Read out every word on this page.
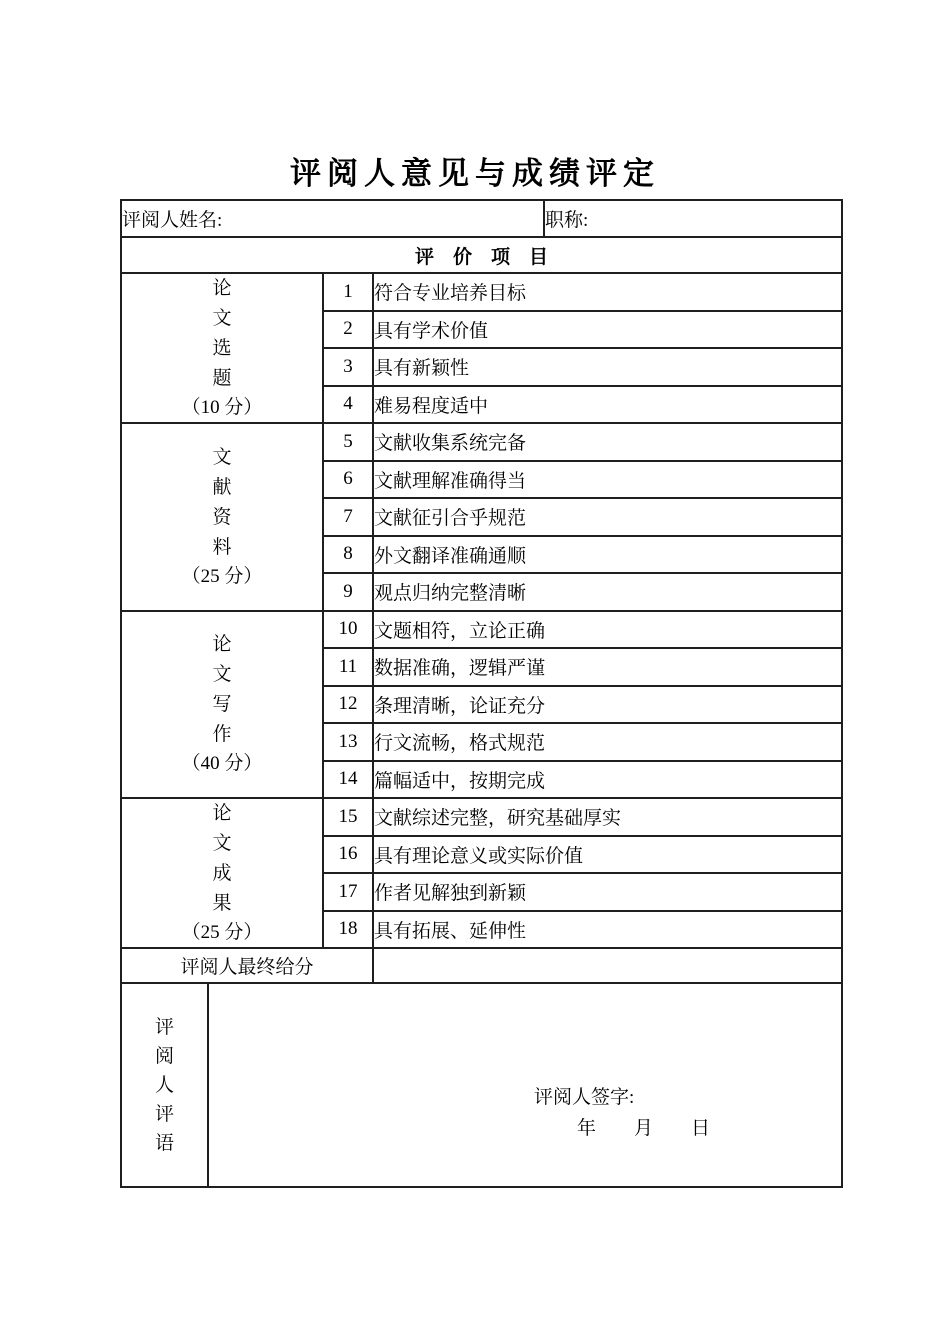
评阅人意见与成绩评定
评阅人姓名:				职称:
评　价　项　目				

论文选题
（10 分）		1	符合专业培养目标	
		2	具有学术价值	
		3	具有新颖性	
		4	难易程度适中	

文献资料
（25 分）		5	文献收集系统完备	
		6	文献理解准确得当	
		7	文献征引合乎规范	
		8	外文翻译准确通顺	
		9	观点归纳完整清晰	

论文写作
（40 分）		10	文题相符，立论正确	
		11	数据准确，逻辑严谨	
		12	条理清晰，论证充分	
		13	行文流畅，格式规范	
		14	篇幅适中，按期完成	

论文成果
（25 分）		15	文献综述完整，研究基础厚实	
		16	具有理论意义或实际价值	
		17	作者见解独到新颖	
		18	具有拓展、延伸性	
评阅人最终给分				

评阅人评语	评阅人签字:
年　　月　　日			
